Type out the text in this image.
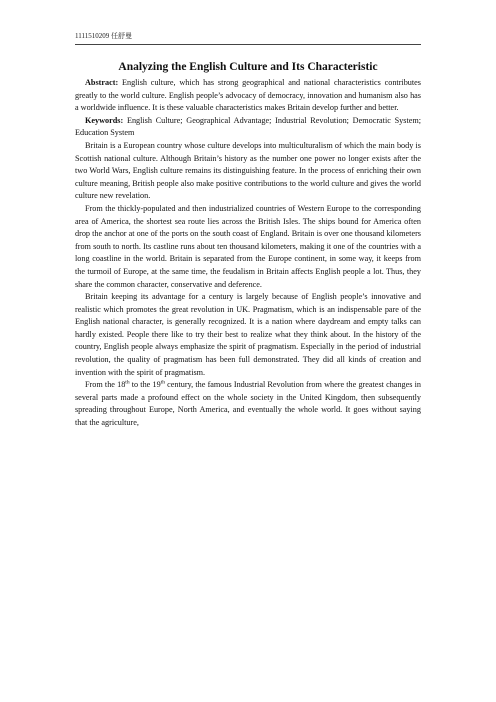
1111510209 任舒曼
Analyzing the English Culture and Its Characteristic

Abstract: English culture, which has strong geographical and national characteristics contributes greatly to the world culture. English people’s advocacy of democracy, innovation and humanism also has a worldwide influence. It is these valuable characteristics makes Britain develop further and better.

Keywords: English Culture; Geographical Advantage; Industrial Revolution; Democratic System; Education System

Britain is a European country whose culture develops into multiculturalism of which the main body is Scottish national culture. Although Britain’s history as the number one power no longer exists after the two World Wars, English culture remains its distinguishing feature. In the process of enriching their own culture meaning, British people also make positive contributions to the world culture and gives the world culture new revelation.

From the thickly-populated and then industrialized countries of Western Europe to the corresponding area of America, the shortest sea route lies across the British Isles. The ships bound for America often drop the anchor at one of the ports on the south coast of England. Britain is over one thousand kilometers from south to north. Its castline runs about ten thousand kilometers, making it one of the countries with a long coastline in the world. Britain is separated from the Europe continent, in some way, it keeps from the turmoil of Europe, at the same time, the feudalism in Britain affects English people a lot. Thus, they share the common character, conservative and deference.

Britain keeping its advantage for a century is largely because of English people’s innovative and realistic which promotes the great revolution in UK. Pragmatism, which is an indispensable pare of the English national character, is generally recognized. It is a nation where daydream and empty talks can hardly existed. People there like to try their best to realize what they think about. In the history of the country, English people always emphasize the spirit of pragmatism. Especially in the period of industrial revolution, the quality of pragmatism has been full demonstrated. They did all kinds of creation and invention with the spirit of pragmatism.

From the 18th to the 19th century, the famous Industrial Revolution from where the greatest changes in several parts made a profound effect on the whole society in the United Kingdom, then subsequently spreading throughout Europe, North America, and eventually the whole world. It goes without saying that the agriculture,
